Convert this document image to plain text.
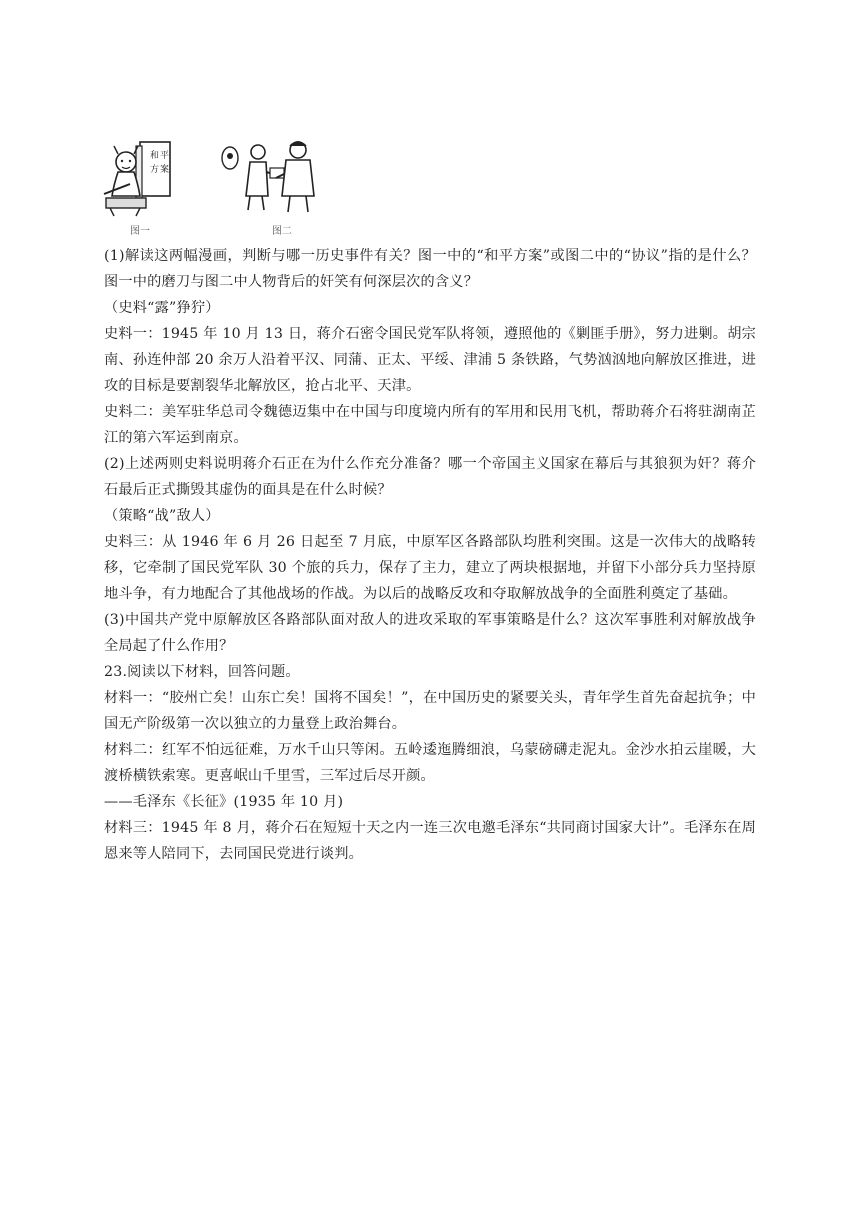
和 平
方 案
图一	图二

(1)解读这两幅漫画，判断与哪一历史事件有关？图一中的“和平方案”或图二中的“协议”指的是什么？图一中的磨刀与图二中人物背后的奸笑有何深层次的含义？

（史料“露”狰狞）

史料一：1945 年 10 月 13 日，蒋介石密令国民党军队将领，遵照他的《剿匪手册》，努力进剿。胡宗南、孙连仲部 20 余万人沿着平汉、同蒲、正太、平绥、津浦 5 条铁路，气势汹汹地向解放区推进，进攻的目标是要割裂华北解放区，抢占北平、天津。

史料二：美军驻华总司令魏德迈集中在中国与印度境内所有的军用和民用飞机，帮助蒋介石将驻湖南芷江的第六军运到南京。

(2)上述两则史料说明蒋介石正在为什么作充分准备？哪一个帝国主义国家在幕后与其狼狈为奸？蒋介石最后正式撕毁其虚伪的面具是在什么时候？

（策略“战”敌人）

史料三：从 1946 年 6 月 26 日起至 7 月底，中原军区各路部队均胜利突围。这是一次伟大的战略转移，它牵制了国民党军队 30 个旅的兵力，保存了主力，建立了两块根据地，并留下小部分兵力坚持原地斗争，有力地配合了其他战场的作战。为以后的战略反攻和夺取解放战争的全面胜利奠定了基础。

(3)中国共产党中原解放区各路部队面对敌人的进攻采取的军事策略是什么？这次军事胜利对解放战争全局起了什么作用？

23.阅读以下材料，回答问题。

材料一：“胶州亡矣！山东亡矣！国将不国矣！”，在中国历史的紧要关头，青年学生首先奋起抗争；中国无产阶级第一次以独立的力量登上政治舞台。

材料二：红军不怕远征难，万水千山只等闲。五岭逶迤腾细浪，乌蒙磅礴走泥丸。金沙水拍云崖暖，大渡桥横铁索寒。更喜岷山千里雪，三军过后尽开颜。

——毛泽东《长征》(1935 年 10 月)

材料三：1945 年 8 月，蒋介石在短短十天之内一连三次电邀毛泽东“共同商讨国家大计”。毛泽东在周恩来等人陪同下，去同国民党进行谈判。
